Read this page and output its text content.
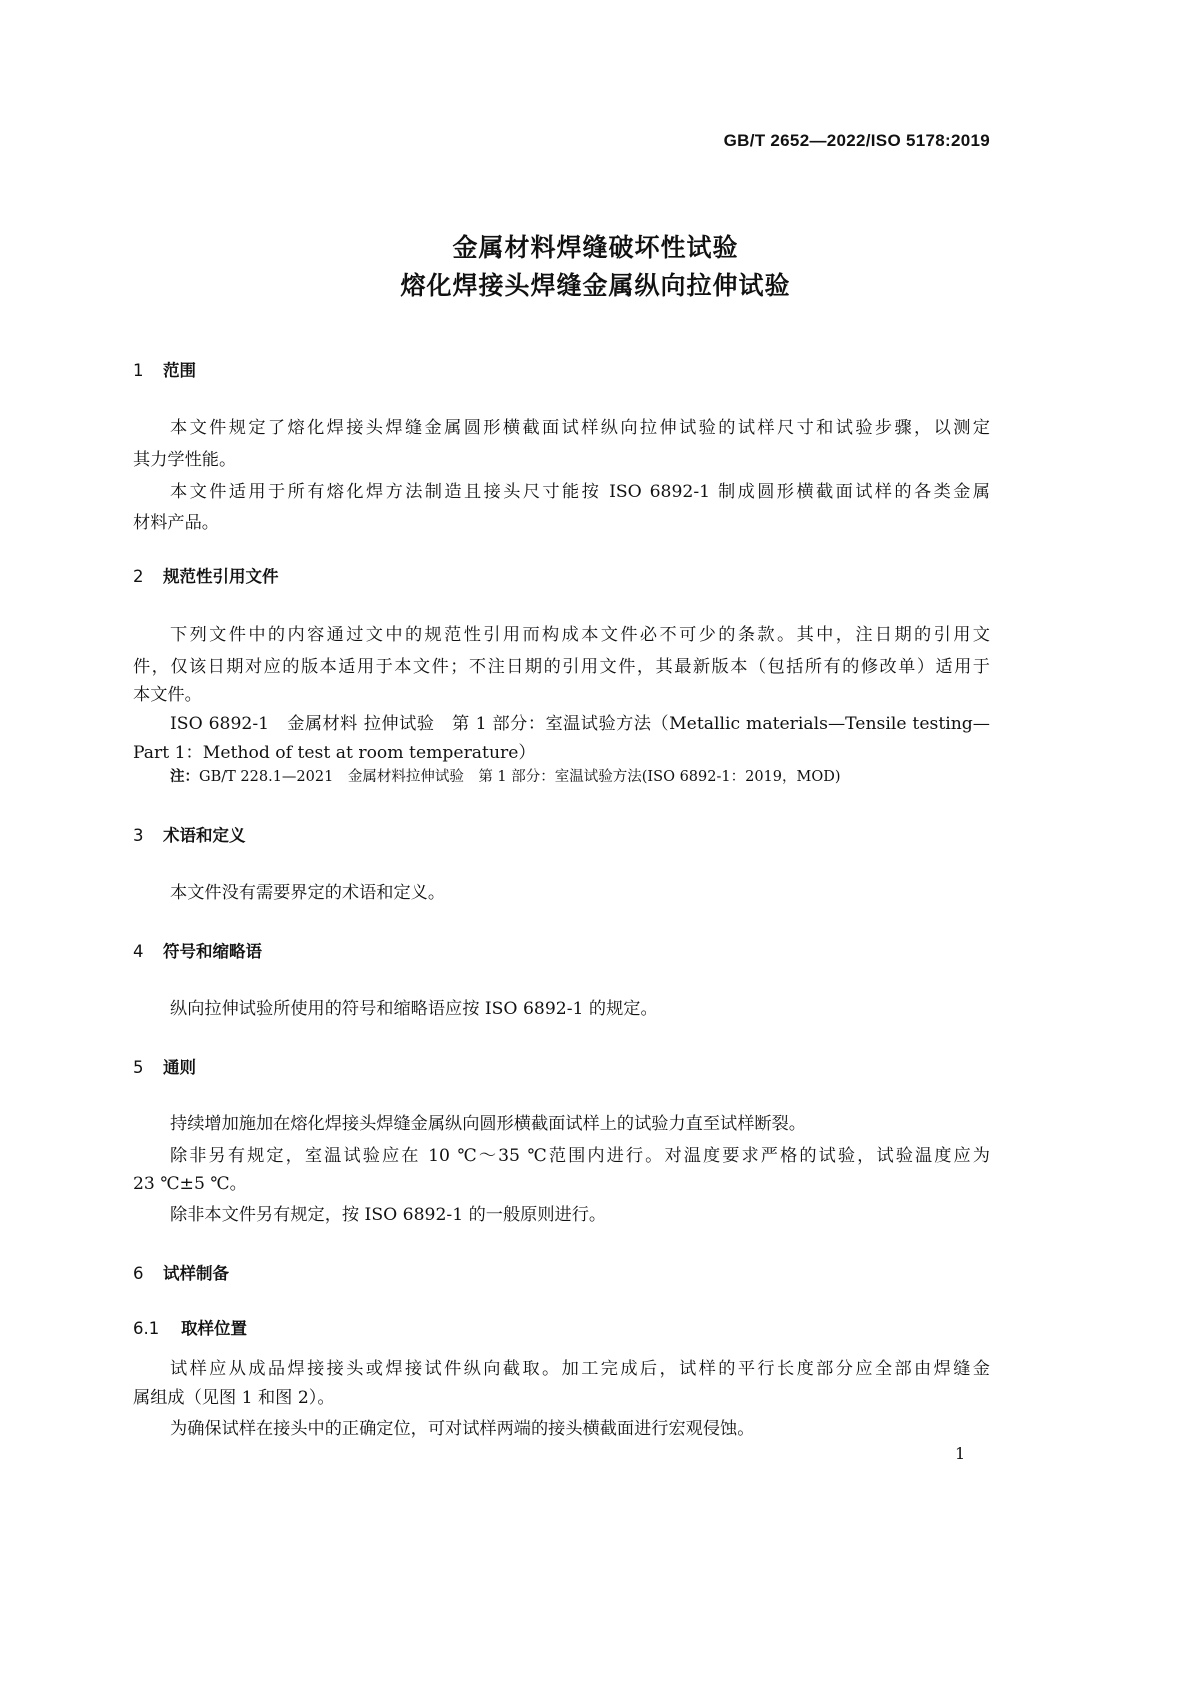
GB/T 2652—2022/ISO 5178:2019
金属材料焊缝破坏性试验
熔化焊接头焊缝金属纵向拉伸试验
1 范围
本文件规定了熔化焊接头焊缝金属圆形横截面试样纵向拉伸试验的试样尺寸和试验步骤，以测定
其力学性能。
本文件适用于所有熔化焊方法制造且接头尺寸能按 ISO 6892-1 制成圆形横截面试样的各类金属
材料产品。
2 规范性引用文件
下列文件中的内容通过文中的规范性引用而构成本文件必不可少的条款。其中，注日期的引用文
件，仅该日期对应的版本适用于本文件；不注日期的引用文件，其最新版本（包括所有的修改单）适用于
本文件。
ISO 6892-1　金属材料 拉伸试验　第 1 部分：室温试验方法（Metallic materials—Tensile testing—
Part 1：Method of test at room temperature）
注：GB/T 228.1—2021　金属材料拉伸试验　第 1 部分：室温试验方法(ISO 6892-1：2019，MOD)
3 术语和定义
本文件没有需要界定的术语和定义。
4 符号和缩略语
纵向拉伸试验所使用的符号和缩略语应按 ISO 6892-1 的规定。
5 通则
持续增加施加在熔化焊接头焊缝金属纵向圆形横截面试样上的试验力直至试样断裂。
除非另有规定，室温试验应在 10 ℃～35 ℃范围内进行。对温度要求严格的试验，试验温度应为
23 ℃±5 ℃。
除非本文件另有规定，按 ISO 6892-1 的一般原则进行。
6 试样制备
6.1 取样位置
试样应从成品焊接接头或焊接试件纵向截取。加工完成后，试样的平行长度部分应全部由焊缝金
属组成（见图 1 和图 2）。
为确保试样在接头中的正确定位，可对试样两端的接头横截面进行宏观侵蚀。
1
